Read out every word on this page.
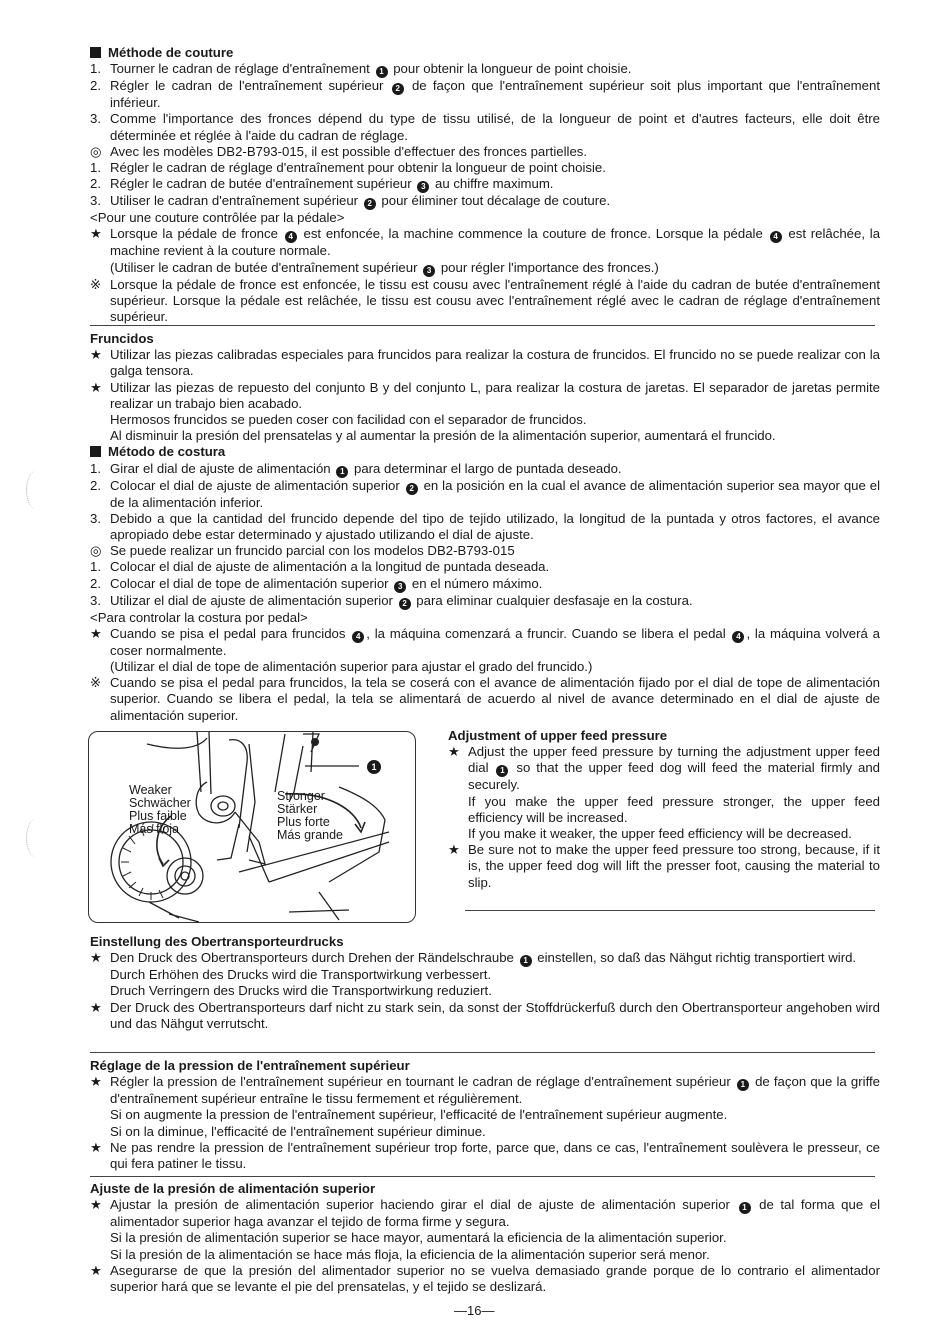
Méthode de couture

1. Tourner le cadran de réglage d'entraînement 1 pour obtenir la longueur de point choisie.

2. Régler le cadran de l'entraînement supérieur 2 de façon que l'entraînement supérieur soit plus important que l'entraînement inférieur.

3. Comme l'importance des fronces dépend du type de tissu utilisé, de la longueur de point et d'autres facteurs, elle doit être déterminée et réglée à l'aide du cadran de réglage.

◎ Avec les modèles DB2-B793-015, il est possible d'effectuer des fronces partielles.

1. Régler le cadran de réglage d'entraînement pour obtenir la longueur de point choisie.

2. Régler le cadran de butée d'entraînement supérieur 3 au chiffre maximum.

3. Utiliser le cadran d'entraînement supérieur 2 pour éliminer tout décalage de couture.

<Pour une couture contrôlée par la pédale>

★ Lorsque la pédale de fronce 4 est enfoncée, la machine commence la couture de fronce. Lorsque la pédale 4 est relâchée, la machine revient à la couture normale.
(Utiliser le cadran de butée d'entraînement supérieur 3 pour régler l'importance des fronces.)

※ Lorsque la pédale de fronce est enfoncée, le tissu est cousu avec l'entraînement réglé à l'aide du cadran de butée d'entraînement supérieur. Lorsque la pédale est relâchée, le tissu est cousu avec l'entraînement réglé avec le cadran de réglage d'entraînement supérieur.

Fruncidos

★ Utilizar las piezas calibradas especiales para fruncidos para realizar la costura de fruncidos. El fruncido no se puede realizar con la galga tensora.

★ Utilizar las piezas de repuesto del conjunto B y del conjunto L, para realizar la costura de jaretas. El separador de jaretas permite realizar un trabajo bien acabado.
Hermosos fruncidos se pueden coser con facilidad con el separador de fruncidos.
Al disminuir la presión del prensatelas y al aumentar la presión de la alimentación superior, aumentará el fruncido.

Método de costura

1. Girar el dial de ajuste de alimentación 1 para determinar el largo de puntada deseado.

2. Colocar el dial de ajuste de alimentación superior 2 en la posición en la cual el avance de alimentación superior sea mayor que el de la alimentación inferior.

3. Debido a que la cantidad del fruncido depende del tipo de tejido utilizado, la longitud de la puntada y otros factores, el avance apropiado debe estar determinado y ajustado utilizando el dial de ajuste.

◎ Se puede realizar un fruncido parcial con los modelos DB2-B793-015

1. Colocar el dial de ajuste de alimentación a la longitud de puntada deseada.

2. Colocar el dial de tope de alimentación superior 3 en el número máximo.

3. Utilizar el dial de ajuste de alimentación superior 2 para eliminar cualquier desfasaje en la costura.

<Para controlar la costura por pedal>

★ Cuando se pisa el pedal para fruncidos 4 , la máquina comenzará a fruncir. Cuando se libera el pedal 4 , la máquina volverá a coser normalmente.
(Utilizar el dial de tope de alimentación superior para ajustar el grado del fruncido.)

※ Cuando se pisa el pedal para fruncidos, la tela se coserá con el avance de alimentación fijado por el dial de tope de alimentación superior. Cuando se libera el pedal, la tela se alimentará de acuerdo al nivel de avance determinado en el dial de ajuste de alimentación superior.

Weaker
Schwächer
Plus faible
Más floja
Stronger
Stärker
Plus forte
Más grande
1

Adjustment of upper feed pressure

★ Adjust the upper feed pressure by turning the adjustment upper feed dial 1 so that the upper feed dog will feed the material firmly and securely.
If you make the upper feed pressure stronger, the upper feed efficiency will be increased.
If you make it weaker, the upper feed efficiency will be decreased.

★ Be sure not to make the upper feed pressure too strong, because, if it is, the upper feed dog will lift the presser foot, causing the material to slip.

Einstellung des Obertransporteurdrucks

★ Den Druck des Obertransporteurs durch Drehen der Rändelschraube 1 einstellen, so daß das Nähgut richtig transportiert wird.
Durch Erhöhen des Drucks wird die Transportwirkung verbessert.
Druch Verringern des Drucks wird die Transportwirkung reduziert.

★ Der Druck des Obertransporteurs darf nicht zu stark sein, da sonst der Stoffdrückerfuß durch den Obertransporteur angehoben wird und das Nähgut verrutscht.

Réglage de la pression de l'entraînement supérieur

★ Régler la pression de l'entraînement supérieur en tournant le cadran de réglage d'entraînement supérieur 1 de façon que la griffe d'entraînement supérieur entraîne le tissu fermement et régulièrement.
Si on augmente la pression de l'entraînement supérieur, l'efficacité de l'entraînement supérieur augmente.
Si on la diminue, l'efficacité de l'entraînement supérieur diminue.

★ Ne pas rendre la pression de l'entraînement supérieur trop forte, parce que, dans ce cas, l'entraînement soulèvera le presseur, ce qui fera patiner le tissu.

Ajuste de la presión de alimentación superior

★ Ajustar la presión de alimentación superior haciendo girar el dial de ajuste de alimentación superior 1 de tal forma que el alimentador superior haga avanzar el tejido de forma firme y segura.
Si la presión de alimentación superior se hace mayor, aumentará la eficiencia de la alimentación superior.
Si la presión de la alimentación se hace más floja, la eficiencia de la alimentación superior será menor.

★ Asegurarse de que la presión del alimentador superior no se vuelva demasiado grande porque de lo contrario el alimentador superior hará que se levante el pie del prensatelas, y el tejido se deslizará.

—16—
